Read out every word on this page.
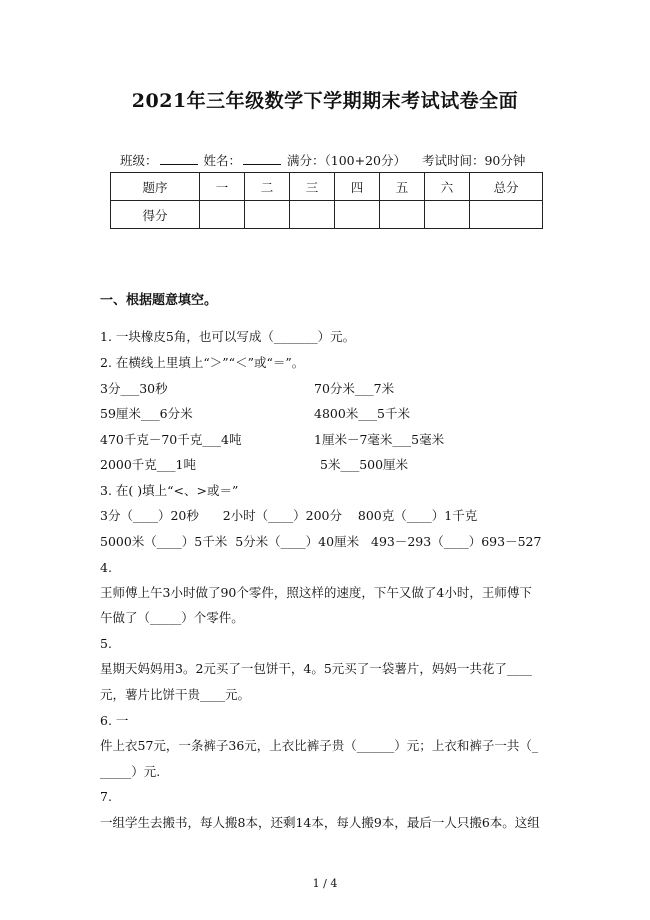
2021年三年级数学下学期期末考试试卷全面
班级：	姓名：	满分：（100+20分） 考试时间：90分钟
题序	一	二	三	四	五	六	总分
得分							
一、根据题意填空。
1. 一块橡皮5角，也可以写成（_______）元。
2. 在横线上里填上“＞”“＜”或“＝”。
3分___30秒	70分米___7米
59厘米___6分米	4800米___5千米
470千克－70千克___4吨	1厘米－7毫米___5毫米
2000千克___1吨	5米___500厘米
3. 在( )填上“<、>或＝”
3分（____）20秒      2小时（____）200分    800克（____）1千克
5000米（____）5千米  5分米（____）40厘米   493－293（____）693－527
4.
王师傅上午3小时做了90个零件，照这样的速度，下午又做了4小时，王师傅下
午做了（_____）个零件。
5.
星期天妈妈用3。2元买了一包饼干，4。5元买了一袋薯片，妈妈一共花了____
元，薯片比饼干贵____元。
6. 一
件上衣57元，一条裤子36元，上衣比裤子贵（______）元；上衣和裤子一共（_
_____）元.
7.
一组学生去搬书，每人搬8本，还剩14本，每人搬9本，最后一人只搬6本。这组
1 / 4
